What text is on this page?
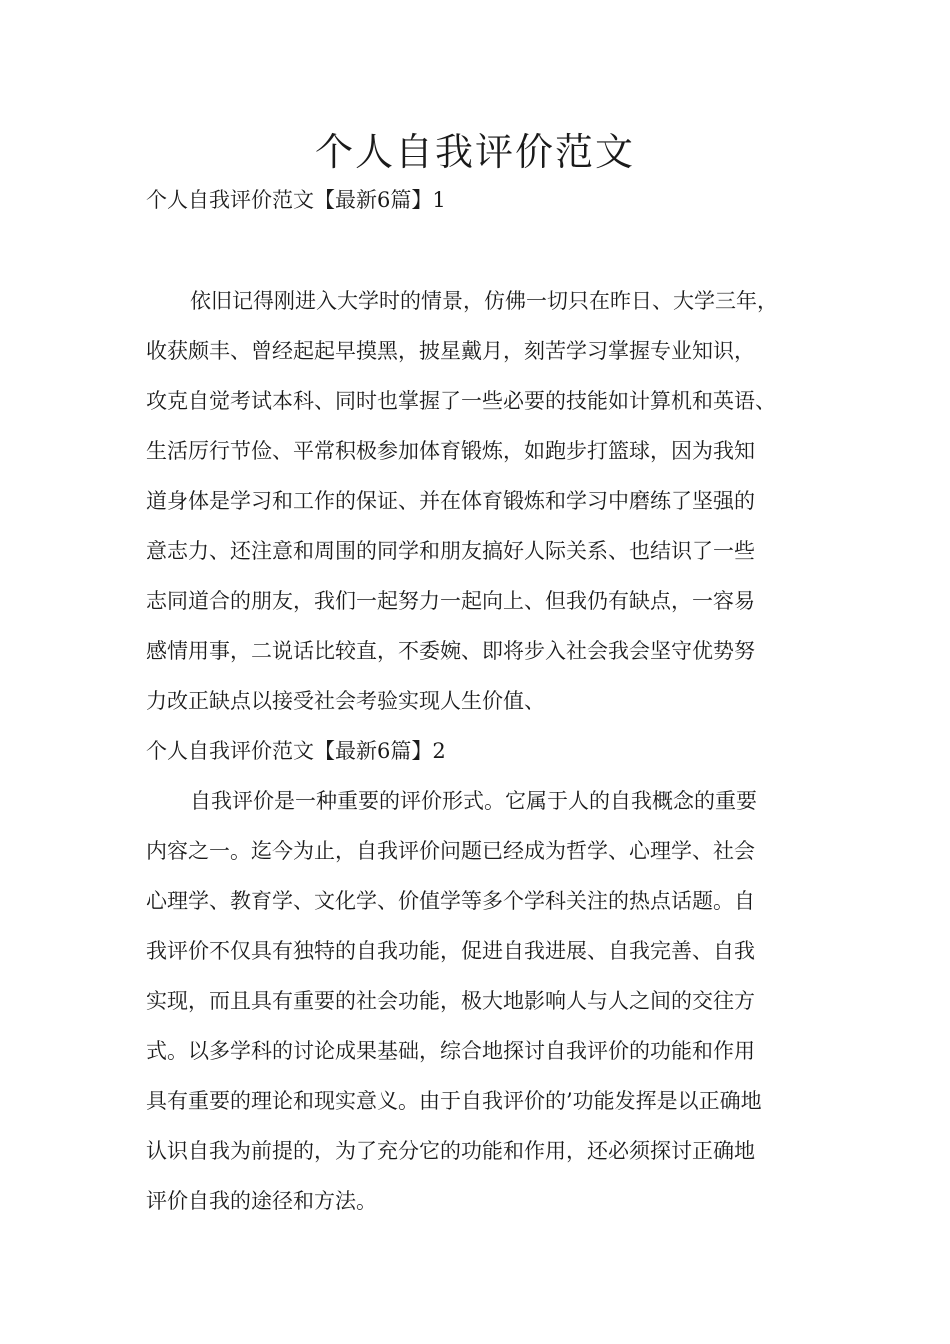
个人自我评价范文

个人自我评价范文【最新6篇】1

依旧记得刚进入大学时的情景，仿佛一切只在昨日、大学三年，

收获颇丰、曾经起起早摸黑，披星戴月，刻苦学习掌握专业知识，

攻克自觉考试本科、同时也掌握了一些必要的技能如计算机和英语、

生活厉行节俭、平常积极参加体育锻炼，如跑步打篮球，因为我知

道身体是学习和工作的保证、并在体育锻炼和学习中磨练了坚强的

意志力、还注意和周围的同学和朋友搞好人际关系、也结识了一些

志同道合的朋友，我们一起努力一起向上、但我仍有缺点，一容易

感情用事，二说话比较直，不委婉、即将步入社会我会坚守优势努

力改正缺点以接受社会考验实现人生价值、

个人自我评价范文【最新6篇】2

自我评价是一种重要的评价形式。它属于人的自我概念的重要

内容之一。迄今为止，自我评价问题已经成为哲学、心理学、社会

心理学、教育学、文化学、价值学等多个学科关注的热点话题。自

我评价不仅具有独特的自我功能，促进自我进展、自我完善、自我

实现，而且具有重要的社会功能，极大地影响人与人之间的交往方

式。以多学科的讨论成果基础，综合地探讨自我评价的功能和作用

具有重要的理论和现实意义。由于自我评价的’功能发挥是以正确地

认识自我为前提的，为了充分它的功能和作用，还必须探讨正确地

评价自我的途径和方法。
